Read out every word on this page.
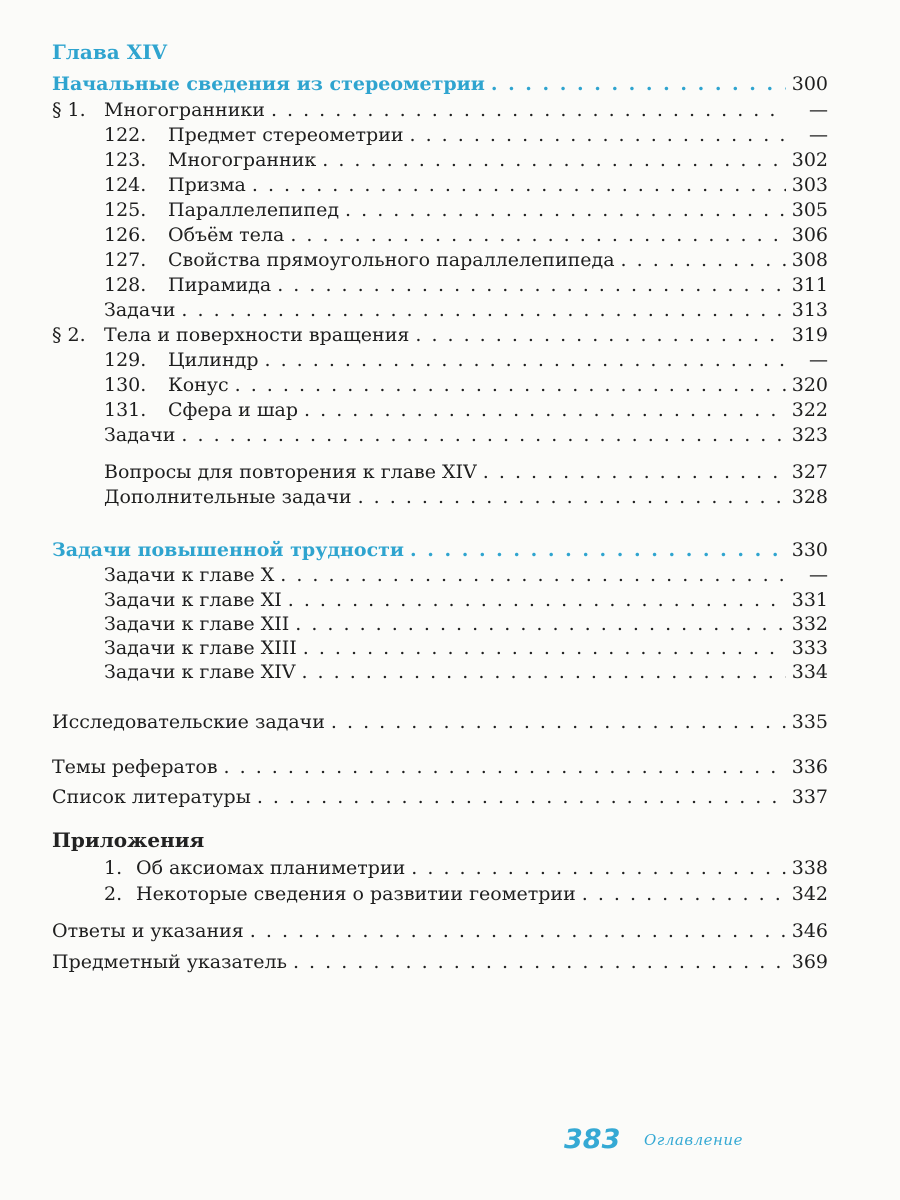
Глава XIV
Начальные сведения из стереометрии . . .	300
§ 1. Многогранники . . .	—
122.	Предмет стереометрии . . .	—
123.	Многогранник . . .	302
124.	Призма . . .	303
125.	Параллелепипед . . .	305
126.	Объём тела . . .	306
127.	Свойства прямоугольного параллелепипеда . . .	308
128.	Пирамида . . .	311
Задачи . . .	313
§ 2. Тела и поверхности вращения . . .	319
129.	Цилиндр . . .	—
130.	Конус . . .	320
131.	Сфера и шар . . .	322
Задачи . . .	323
Вопросы для повторения к главе XIV . . .	327
Дополнительные задачи . . .	328
Задачи повышенной трудности . . .	330
Задачи к главе X . . .	—
Задачи к главе XI . . .	331
Задачи к главе XII . . .	332
Задачи к главе XIII . . .	333
Задачи к главе XIV . . .	334
Исследовательские задачи . . .	335
Темы рефератов . . .	336
Список литературы . . .	337
Приложения
1. Об аксиомах планиметрии . . .	338
2. Некоторые сведения о развитии геометрии . . .	342
Ответы и указания . . .	346
Предметный указатель . . .	369
383 Оглавление
